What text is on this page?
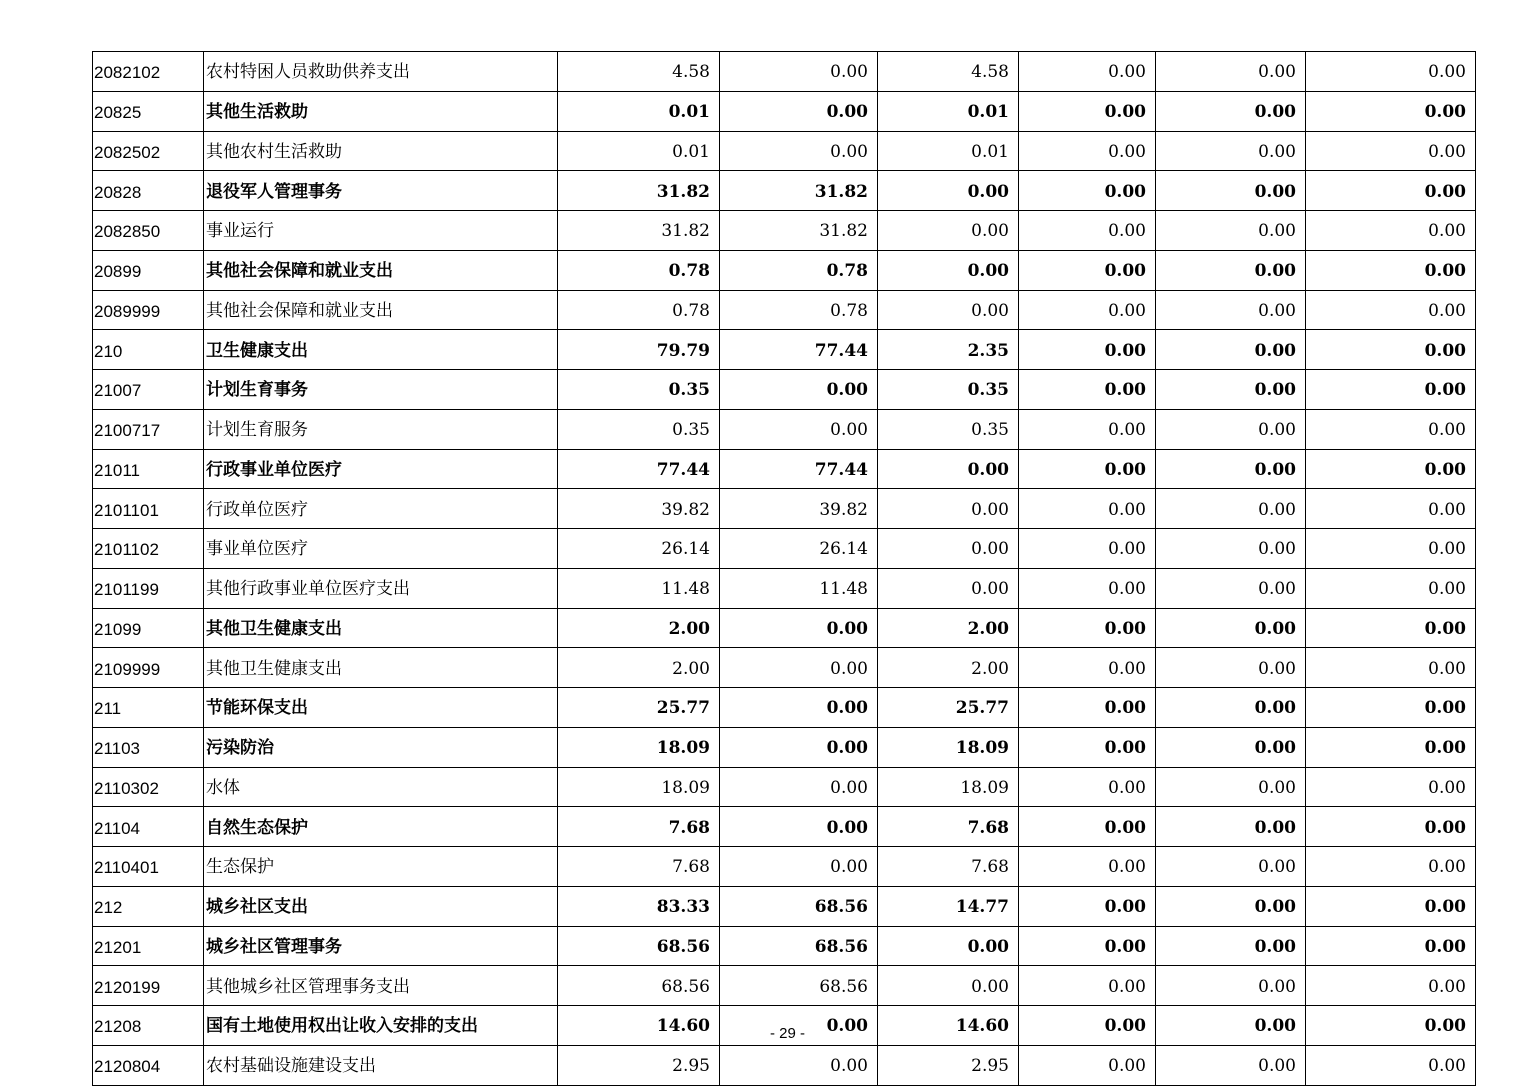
2082102	农村特困人员救助供养支出	4.58	0.00	4.58	0.00	0.00	0.00
20825	其他生活救助	0.01	0.00	0.01	0.00	0.00	0.00
2082502	其他农村生活救助	0.01	0.00	0.01	0.00	0.00	0.00
20828	退役军人管理事务	31.82	31.82	0.00	0.00	0.00	0.00
2082850	事业运行	31.82	31.82	0.00	0.00	0.00	0.00
20899	其他社会保障和就业支出	0.78	0.78	0.00	0.00	0.00	0.00
2089999	其他社会保障和就业支出	0.78	0.78	0.00	0.00	0.00	0.00
210	卫生健康支出	79.79	77.44	2.35	0.00	0.00	0.00
21007	计划生育事务	0.35	0.00	0.35	0.00	0.00	0.00
2100717	计划生育服务	0.35	0.00	0.35	0.00	0.00	0.00
21011	行政事业单位医疗	77.44	77.44	0.00	0.00	0.00	0.00
2101101	行政单位医疗	39.82	39.82	0.00	0.00	0.00	0.00
2101102	事业单位医疗	26.14	26.14	0.00	0.00	0.00	0.00
2101199	其他行政事业单位医疗支出	11.48	11.48	0.00	0.00	0.00	0.00
21099	其他卫生健康支出	2.00	0.00	2.00	0.00	0.00	0.00
2109999	其他卫生健康支出	2.00	0.00	2.00	0.00	0.00	0.00
211	节能环保支出	25.77	0.00	25.77	0.00	0.00	0.00
21103	污染防治	18.09	0.00	18.09	0.00	0.00	0.00
2110302	水体	18.09	0.00	18.09	0.00	0.00	0.00
21104	自然生态保护	7.68	0.00	7.68	0.00	0.00	0.00
2110401	生态保护	7.68	0.00	7.68	0.00	0.00	0.00
212	城乡社区支出	83.33	68.56	14.77	0.00	0.00	0.00
21201	城乡社区管理事务	68.56	68.56	0.00	0.00	0.00	0.00
2120199	其他城乡社区管理事务支出	68.56	68.56	0.00	0.00	0.00	0.00
21208	国有土地使用权出让收入安排的支出	14.60	0.00	14.60	0.00	0.00	0.00
2120804	农村基础设施建设支出	2.95	0.00	2.95	0.00	0.00	0.00
- 29 -
